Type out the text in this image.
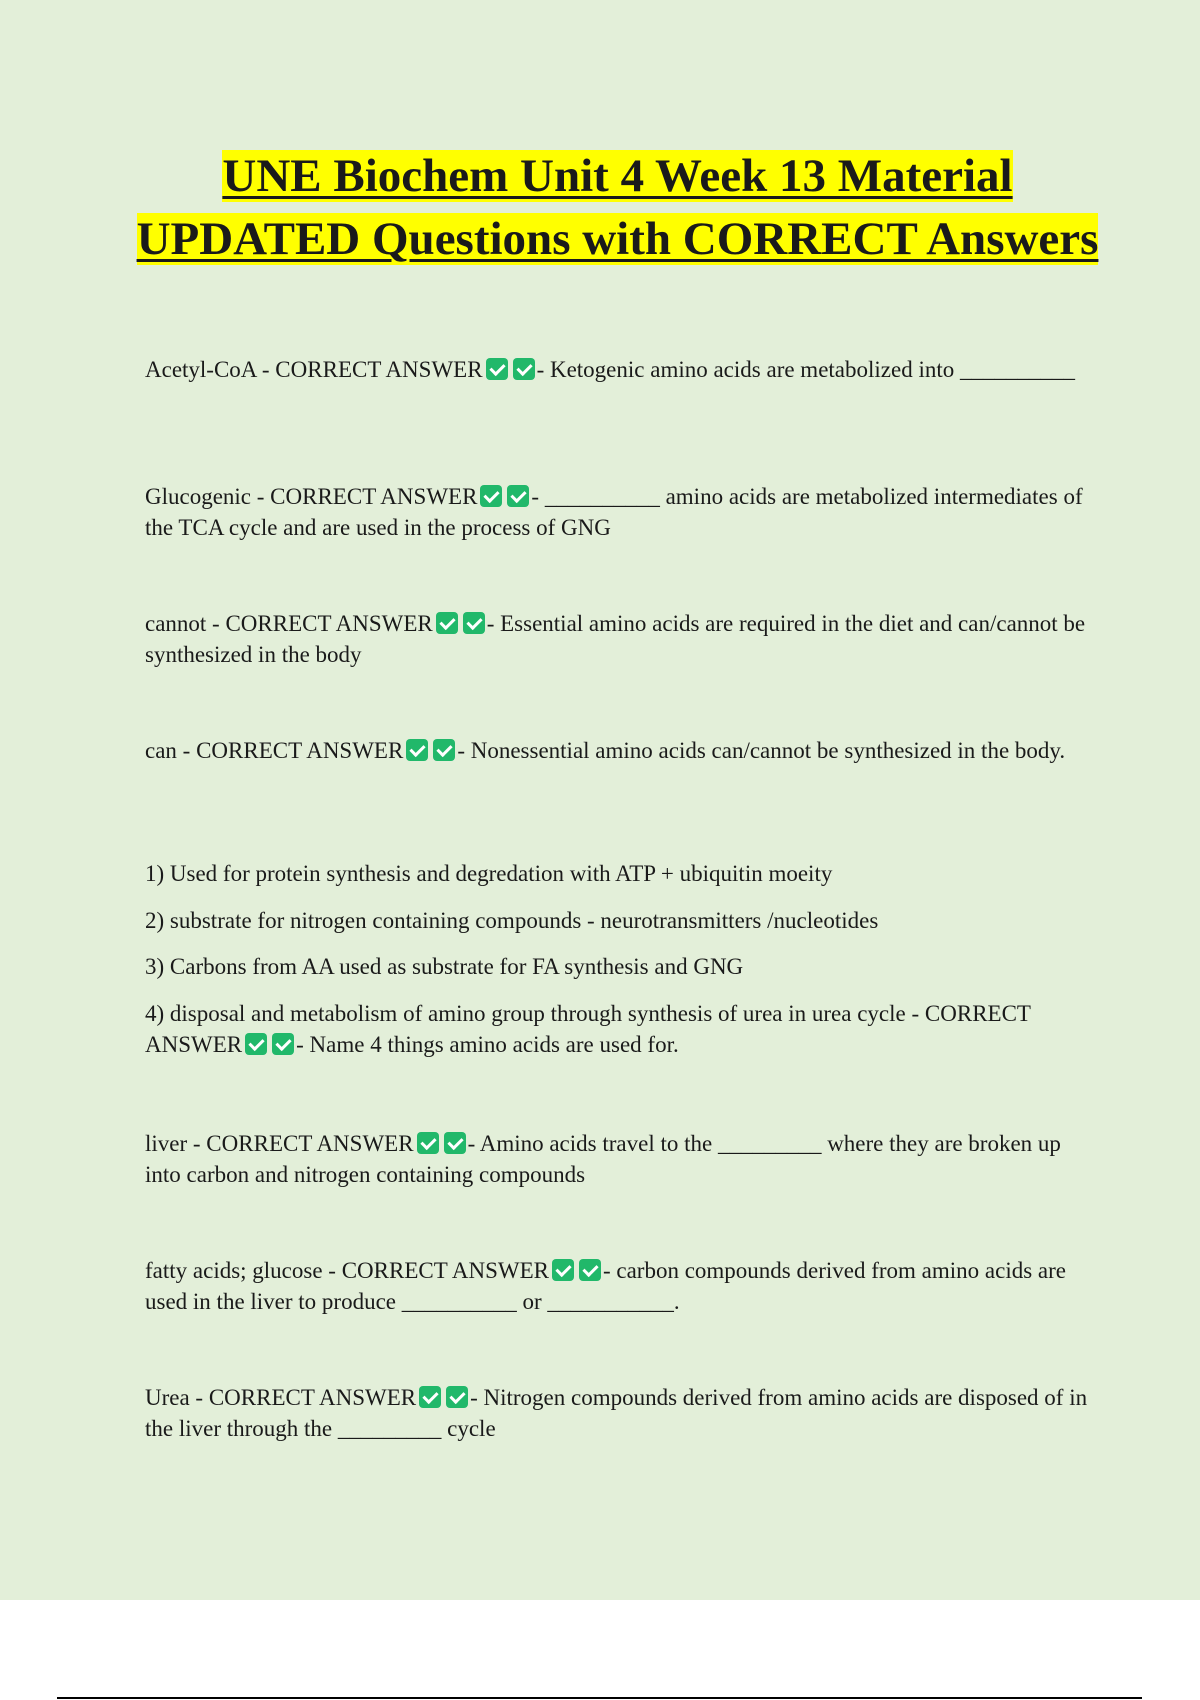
UNE Biochem Unit 4 Week 13 Material UPDATED Questions with CORRECT Answers

Acetyl-CoA - CORRECT ANSWER - Ketogenic amino acids are metabolized into __________

Glucogenic - CORRECT ANSWER - __________ amino acids are metabolized intermediates of the TCA cycle and are used in the process of GNG

cannot - CORRECT ANSWER - Essential amino acids are required in the diet and can/cannot be synthesized in the body

can - CORRECT ANSWER - Nonessential amino acids can/cannot be synthesized in the body.

1) Used for protein synthesis and degredation with ATP + ubiquitin moeity

2) substrate for nitrogen containing compounds - neurotransmitters /nucleotides

3) Carbons from AA used as substrate for FA synthesis and GNG

4) disposal and metabolism of amino group through synthesis of urea in urea cycle - CORRECT ANSWER - Name 4 things amino acids are used for.

liver - CORRECT ANSWER - Amino acids travel to the _________ where they are broken up into carbon and nitrogen containing compounds

fatty acids; glucose - CORRECT ANSWER - carbon compounds derived from amino acids are used in the liver to produce __________ or ___________.

Urea - CORRECT ANSWER - Nitrogen compounds derived from amino acids are disposed of in the liver through the _________ cycle
